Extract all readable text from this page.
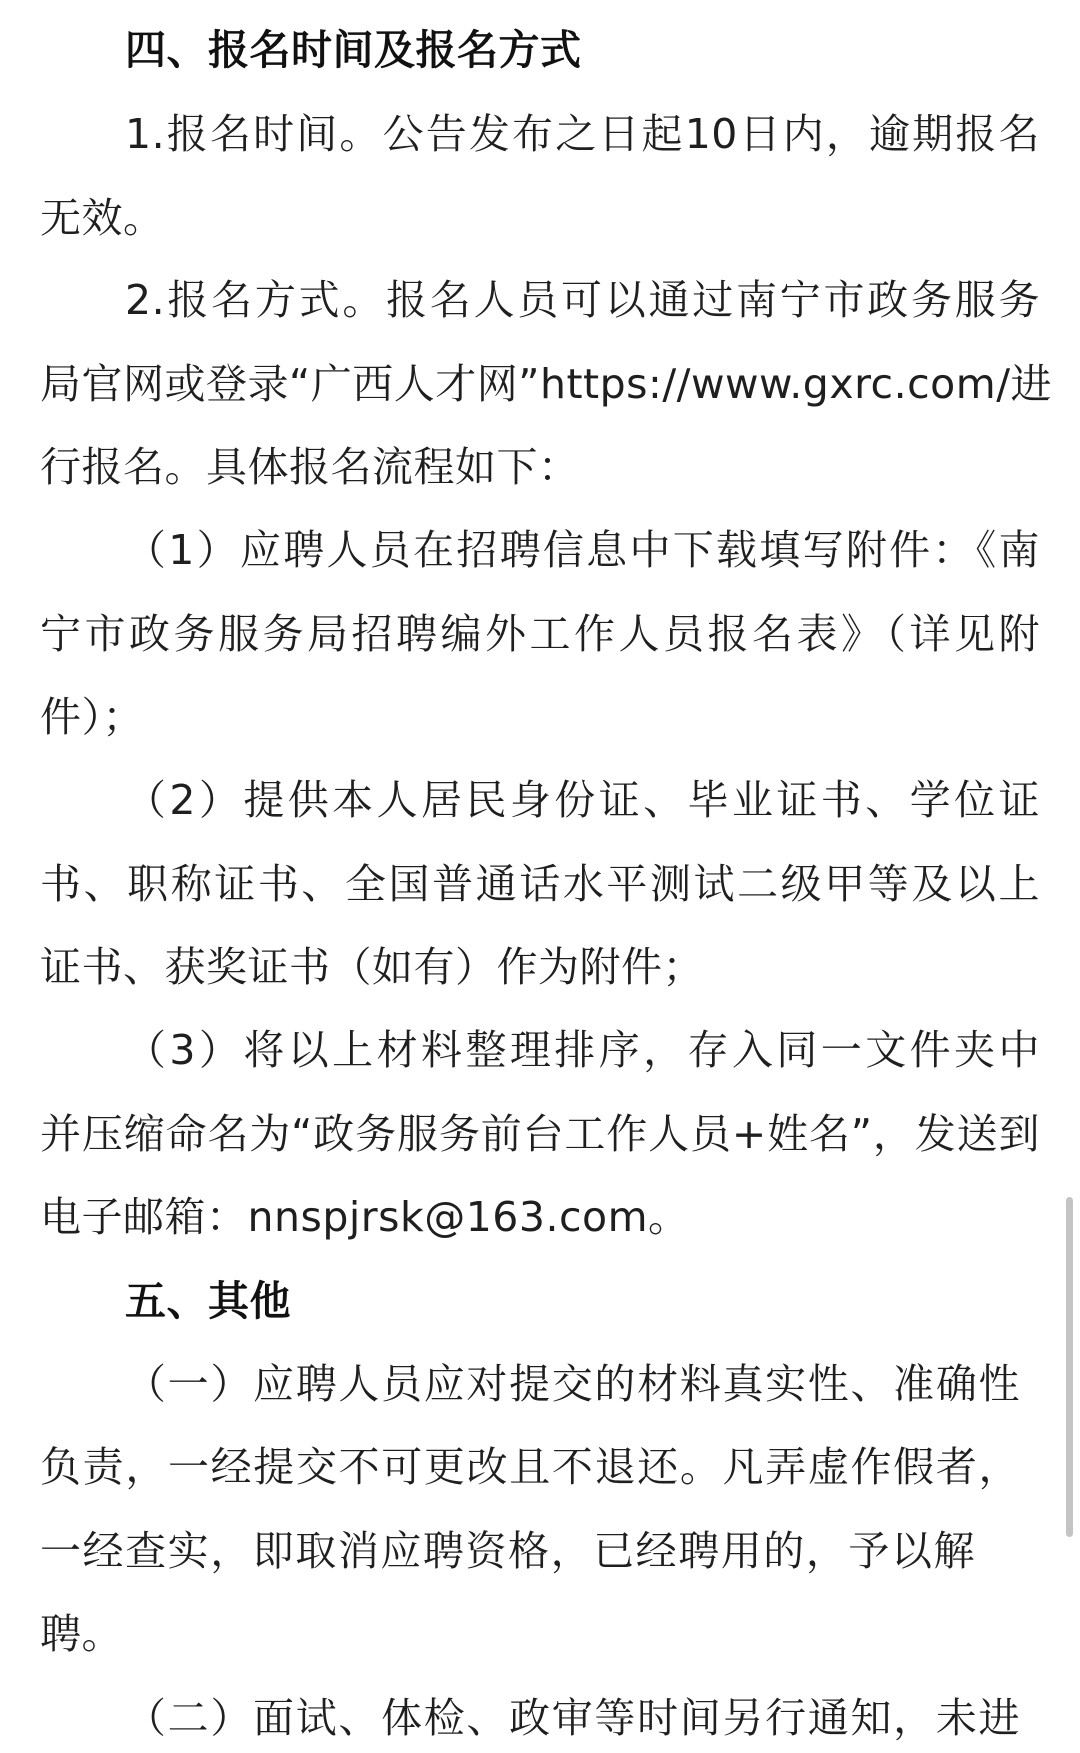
四、报名时间及报名方式
1.报名时间。公告发布之日起10日内，逾期报名
无效。
2.报名方式。报名人员可以通过南宁市政务服务
局官网或登录“广西人才网”https://www.gxrc.com/进
行报名。具体报名流程如下：
（1）应聘人员在招聘信息中下载填写附件：《南
宁市政务服务局招聘编外工作人员报名表》（详见附
件）；
（2）提供本人居民身份证、毕业证书、学位证
书、职称证书、全国普通话水平测试二级甲等及以上
证书、获奖证书（如有）作为附件；
（3）将以上材料整理排序，存入同一文件夹中
并压缩命名为“政务服务前台工作人员+姓名”，发送到
电子邮箱：nnspjrsk@163.com。
五、其他
（一）应聘人员应对提交的材料真实性、准确性
负责，一经提交不可更改且不退还。凡弄虚作假者，
一经查实，即取消应聘资格，已经聘用的，予以解
聘。
（二）面试、体检、政审等时间另行通知，未进
